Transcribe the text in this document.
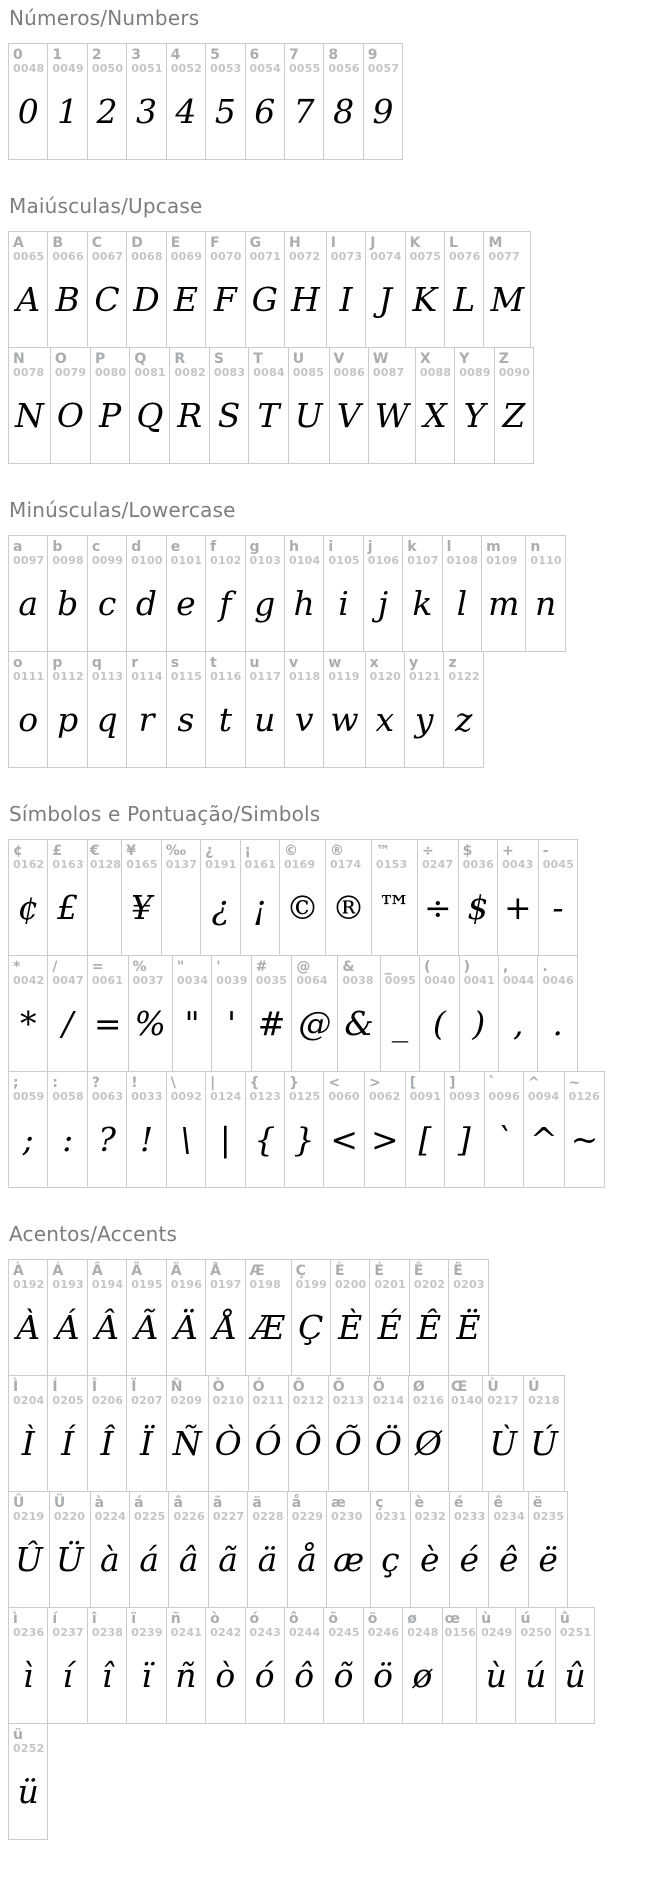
Números/Numbers
0
0048
0
1
0049
1
2
0050
2
3
0051
3
4
0052
4
5
0053
5
6
0054
6
7
0055
7
8
0056
8
9
0057
9
Maiúsculas/Upcase
A
0065
A
B
0066
B
C
0067
C
D
0068
D
E
0069
E
F
0070
F
G
0071
G
H
0072
H
I
0073
I
J
0074
J
K
0075
K
L
0076
L
M
0077
M
N
0078
N
O
0079
O
P
0080
P
Q
0081
Q
R
0082
R
S
0083
S
T
0084
T
U
0085
U
V
0086
V
W
0087
W
X
0088
X
Y
0089
Y
Z
0090
Z
Minúsculas/Lowercase
a
0097
a
b
0098
b
c
0099
c
d
0100
d
e
0101
e
f
0102
f
g
0103
g
h
0104
h
i
0105
i
j
0106
j
k
0107
k
l
0108
l
m
0109
m
n
0110
n
o
0111
o
p
0112
p
q
0113
q
r
0114
r
s
0115
s
t
0116
t
u
0117
u
v
0118
v
w
0119
w
x
0120
x
y
0121
y
z
0122
z
Símbolos e Pontuação/Simbols
¢
0162
¢
£
0163
£
€
0128
¥
0165
¥
‰
0137
¿
0191
¿
¡
0161
¡
©
0169
©
®
0174
®
™
0153
™
÷
0247
÷
$
0036
$
+
0043
+
-
0045
-
*
0042
*
/
0047
/
=
0061
=
%
0037
%
"
0034
"
'
0039
'
#
0035
#
@
0064
@
&
0038
&
_
0095
_
(
0040
(
)
0041
)
,
0044
,
.
0046
.
;
0059
;
:
0058
:
?
0063
?
!
0033
!
\
0092
\
|
0124
|
{
0123
{
}
0125
}
<
0060
<
>
0062
>
[
0091
[
]
0093
]
`
0096
`
^
0094
^
~
0126
~
Acentos/Accents
À
0192
À
Á
0193
Á
Â
0194
Â
Ã
0195
Ã
Ä
0196
Ä
Å
0197
Å
Æ
0198
Æ
Ç
0199
Ç
È
0200
È
É
0201
É
Ê
0202
Ê
Ë
0203
Ë
Ì
0204
Ì
Í
0205
Í
Î
0206
Î
Ï
0207
Ï
Ñ
0209
Ñ
Ò
0210
Ò
Ó
0211
Ó
Ô
0212
Ô
Õ
0213
Õ
Ö
0214
Ö
Ø
0216
Ø
Œ
0140
Ù
0217
Ù
Ú
0218
Ú
Û
0219
Û
Ü
0220
Ü
à
0224
à
á
0225
á
â
0226
â
ã
0227
ã
ä
0228
ä
å
0229
å
æ
0230
æ
ç
0231
ç
è
0232
è
é
0233
é
ê
0234
ê
ë
0235
ë
ì
0236
ì
í
0237
í
î
0238
î
ï
0239
ï
ñ
0241
ñ
ò
0242
ò
ó
0243
ó
ô
0244
ô
õ
0245
õ
ö
0246
ö
ø
0248
ø
œ
0156
ù
0249
ù
ú
0250
ú
û
0251
û
ü
0252
ü
